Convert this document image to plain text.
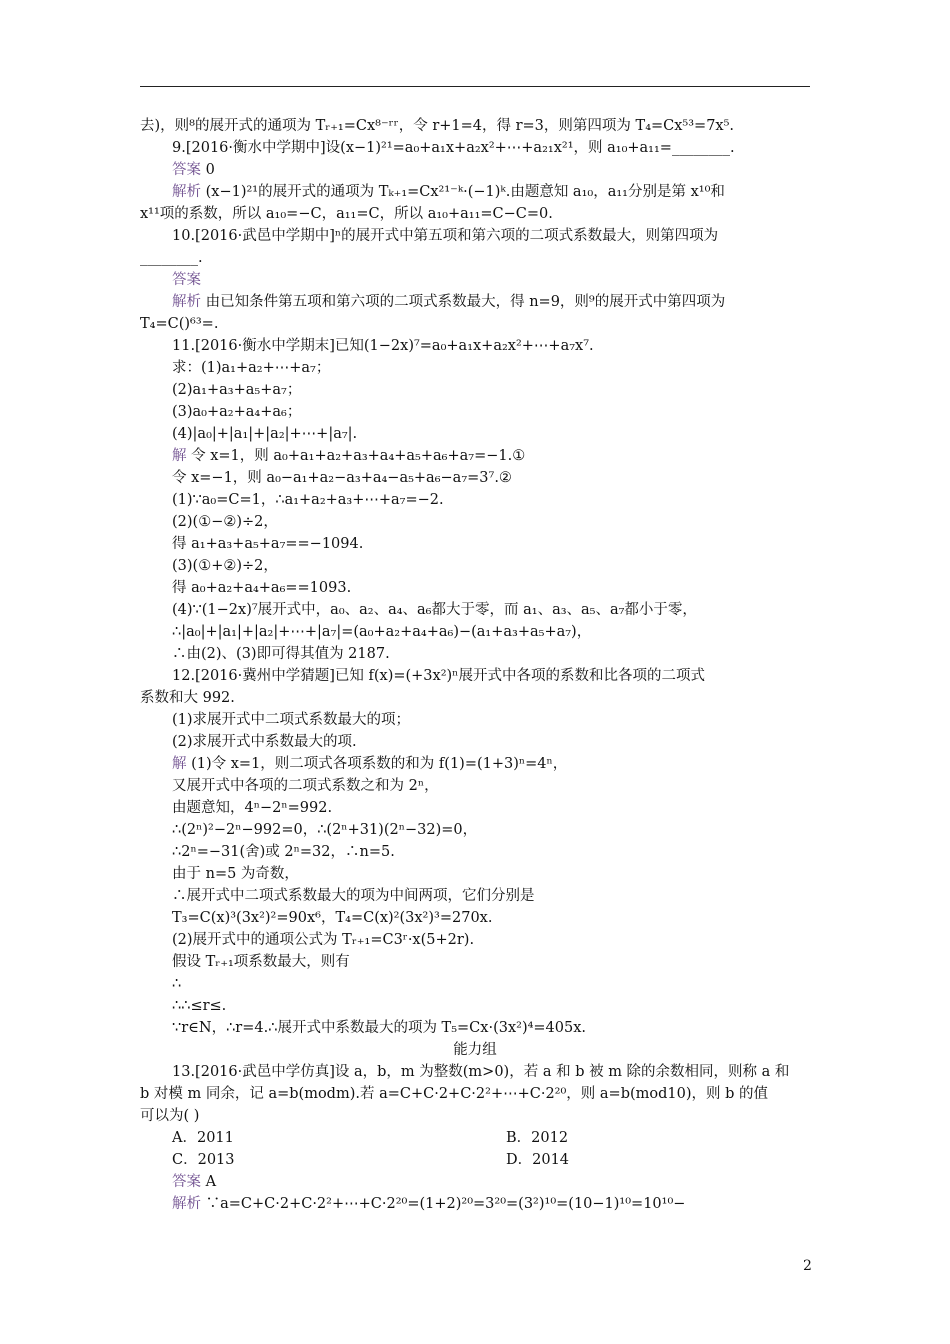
去)，则⁸的展开式的通项为 Tᵣ₊₁=Cx⁸⁻ʳʳ，令 r+1=4，得 r=3，则第四项为 T₄=Cx⁵³=7x⁵.
9.[2016·衡水中学期中]设(x−1)²¹=a₀+a₁x+a₂x²+⋯+a₂₁x²¹，则 a₁₀+a₁₁=________.
答案 0
解析 (x−1)²¹的展开式的通项为 Tₖ₊₁=Cx²¹⁻ᵏ·(−1)ᵏ.由题意知 a₁₀，a₁₁分别是第 x¹⁰和
x¹¹项的系数，所以 a₁₀=−C，a₁₁=C，所以 a₁₀+a₁₁=C−C=0.
10.[2016·武邑中学期中]ⁿ的展开式中第五项和第六项的二项式系数最大，则第四项为
________.
答案
解析 由已知条件第五项和第六项的二项式系数最大，得 n=9，则⁹的展开式中第四项为
T₄=C()⁶³=.
11.[2016·衡水中学期末]已知(1−2x)⁷=a₀+a₁x+a₂x²+⋯+a₇x⁷.
求：(1)a₁+a₂+⋯+a₇；
(2)a₁+a₃+a₅+a₇；
(3)a₀+a₂+a₄+a₆；
(4)|a₀|+|a₁|+|a₂|+⋯+|a₇|.
解 令 x=1，则 a₀+a₁+a₂+a₃+a₄+a₅+a₆+a₇=−1.①
令 x=−1，则 a₀−a₁+a₂−a₃+a₄−a₅+a₆−a₇=3⁷.②
(1)∵a₀=C=1，∴a₁+a₂+a₃+⋯+a₇=−2.
(2)(①−②)÷2，
得 a₁+a₃+a₅+a₇==−1094.
(3)(①+②)÷2，
得 a₀+a₂+a₄+a₆==1093.
(4)∵(1−2x)⁷展开式中，a₀、a₂、a₄、a₆都大于零，而 a₁、a₃、a₅、a₇都小于零，
∴|a₀|+|a₁|+|a₂|+⋯+|a₇|=(a₀+a₂+a₄+a₆)−(a₁+a₃+a₅+a₇)，
∴由(2)、(3)即可得其值为 2187.
12.[2016·冀州中学猜题]已知 f(x)=(+3x²)ⁿ展开式中各项的系数和比各项的二项式
系数和大 992.
(1)求展开式中二项式系数最大的项；
(2)求展开式中系数最大的项.
解 (1)令 x=1，则二项式各项系数的和为 f(1)=(1+3)ⁿ=4ⁿ，
又展开式中各项的二项式系数之和为 2ⁿ，
由题意知，4ⁿ−2ⁿ=992.
∴(2ⁿ)²−2ⁿ−992=0，∴(2ⁿ+31)(2ⁿ−32)=0，
∴2ⁿ=−31(舍)或 2ⁿ=32，∴n=5.
由于 n=5 为奇数，
∴展开式中二项式系数最大的项为中间两项，它们分别是
T₃=C(x)³(3x²)²=90x⁶，T₄=C(x)²(3x²)³=270x.
(2)展开式中的通项公式为 Tᵣ₊₁=C3ʳ·x(5+2r).
假设 Tᵣ₊₁项系数最大，则有
∴
∴∴≤r≤.
∵r∈N，∴r=4.∴展开式中系数最大的项为 T₅=Cx·(3x²)⁴=405x.
能力组
13.[2016·武邑中学仿真]设 a，b，m 为整数(m>0)，若 a 和 b 被 m 除的余数相同，则称 a 和
b 对模 m 同余，记 a=b(modm).若 a=C+C·2+C·2²+⋯+C·2²⁰，则 a=b(mod10)，则 b 的值
可以为( )
A．2011	B．2012
C．2013	D．2014
答案 A
解析 ∵a=C+C·2+C·2²+⋯+C·2²⁰=(1+2)²⁰=3²⁰=(3²)¹⁰=(10−1)¹⁰=10¹⁰−
2
